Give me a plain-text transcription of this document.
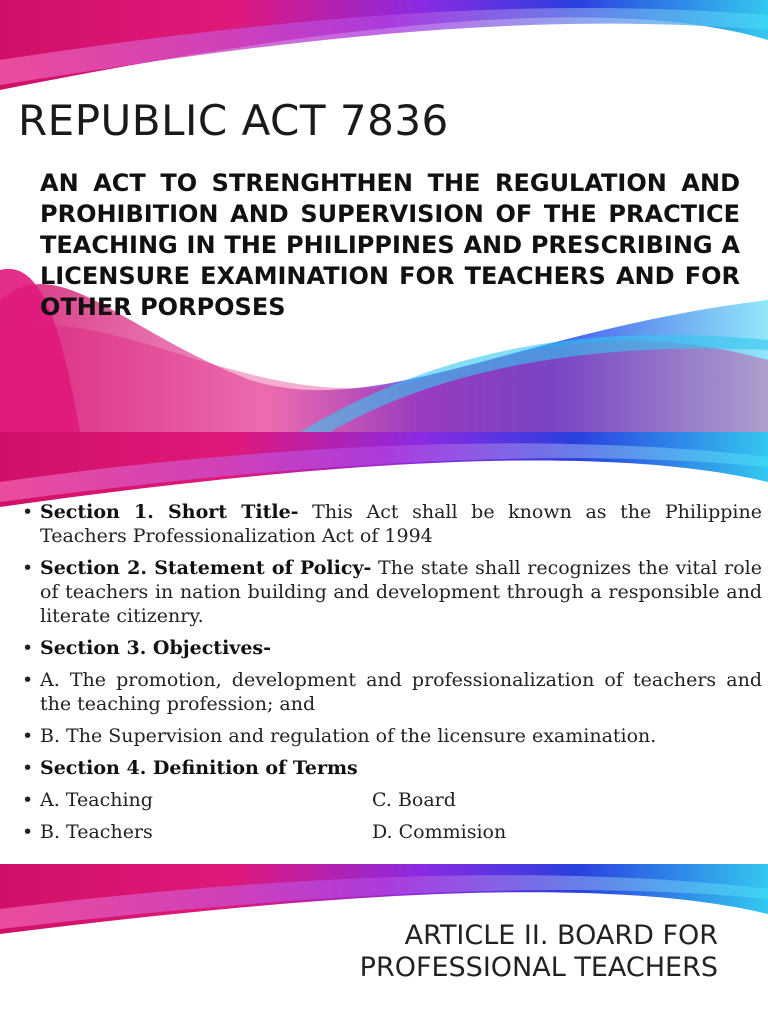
REPUBLIC ACT 7836

AN ACT TO STRENGHTHEN THE REGULATION AND PROHIBITION AND SUPERVISION OF THE PRACTICE TEACHING IN THE PHILIPPINES AND PRESCRIBING A LICENSURE EXAMINATION FOR TEACHERS AND FOR OTHER PORPOSES

• Section 1. Short Title- This Act shall be known as the Philippine Teachers Professionalization Act of 1994
• Section 2. Statement of Policy- The state shall recognizes the vital role of teachers in nation building and development through a responsible and literate citizenry.
• Section 3. Objectives-
• A. The promotion, development and professionalization of teachers and the teaching profession; and
• B. The Supervision and regulation of the licensure examination.
• Section 4. Definition of Terms
• A. Teaching	C. Board
• B. Teachers	D. Commision
ARTICLE II. BOARD FOR
PROFESSIONAL TEACHERS
